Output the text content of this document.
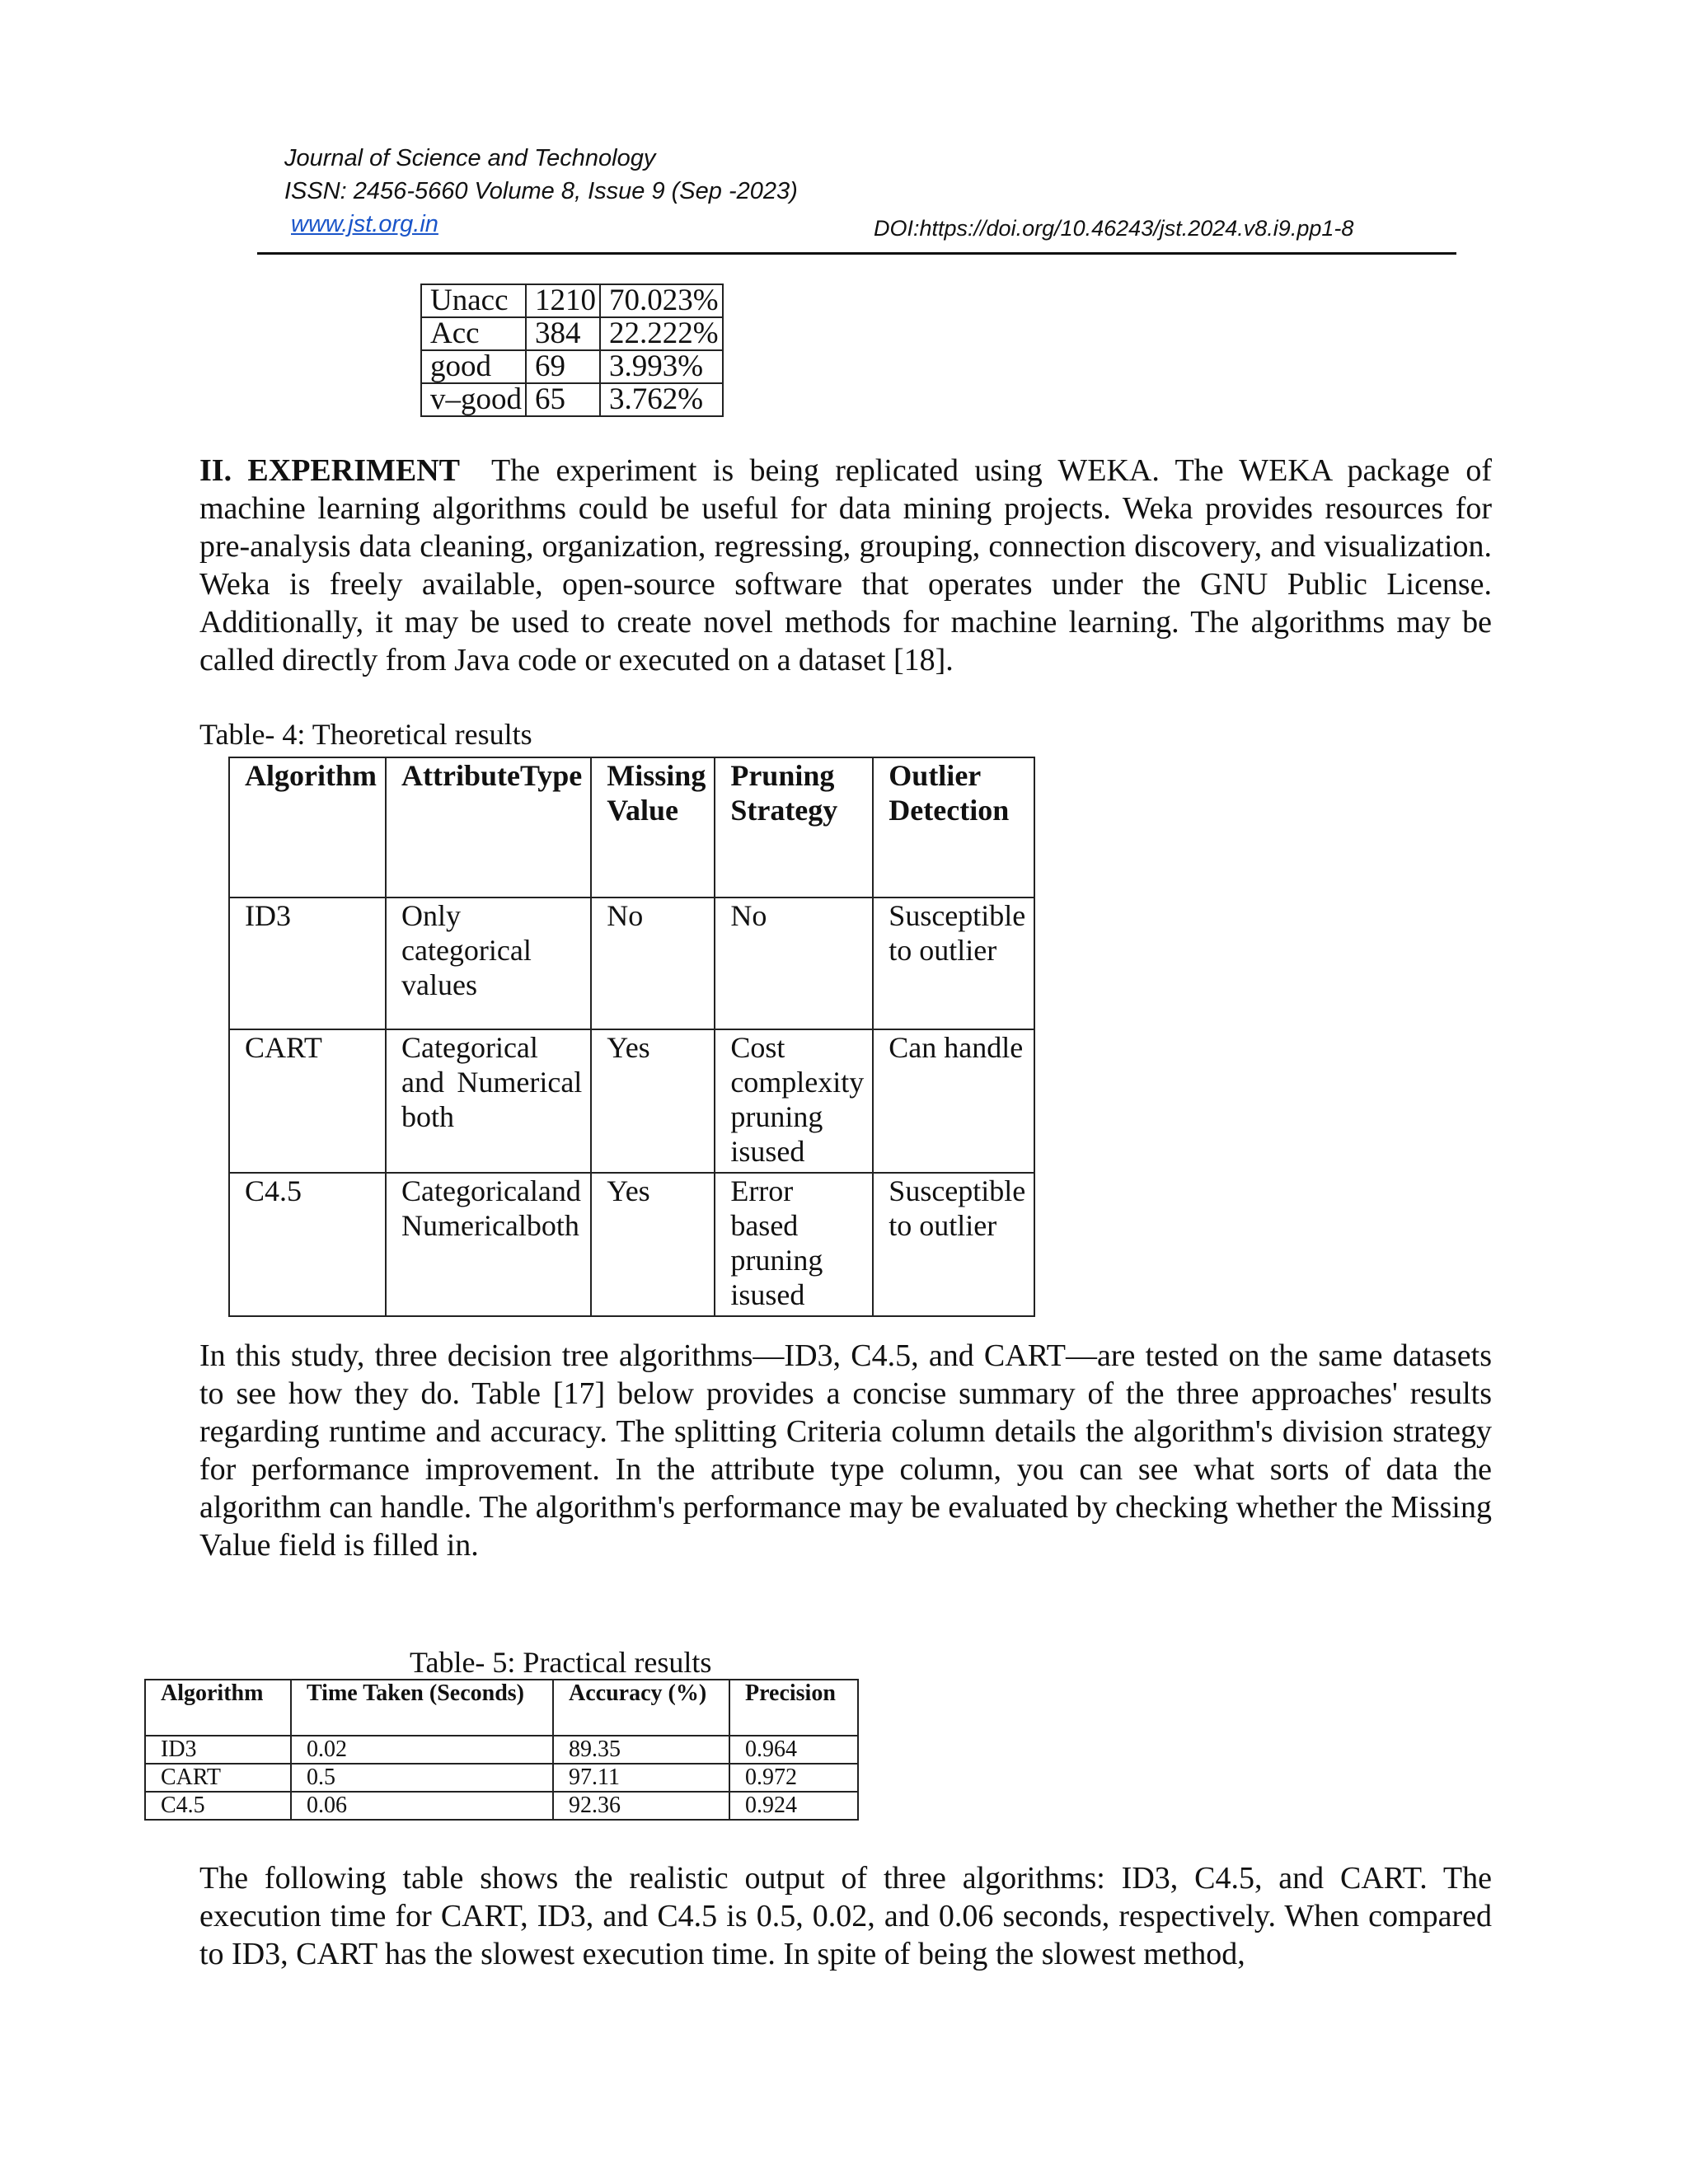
Journal of Science and Technology
ISSN: 2456-5660 Volume 8, Issue 9 (Sep -2023)
www.jst.org.in	DOI:https://doi.org/10.46243/jst.2024.v8.i9.pp1-8
Unacc	1210	70.023%
Acc	384	22.222%
good	69	3.993%
v–good	65	3.762%

II. EXPERIMENT The experiment is being replicated using WEKA. The WEKA package of machine learning algorithms could be useful for data mining projects. Weka provides resources for pre-analysis data cleaning, organization, regressing, grouping, connection discovery, and visualization. Weka is freely available, open-source software that operates under the GNU Public License. Additionally, it may be used to create novel methods for machine learning. The algorithms may be called directly from Java code or executed on a dataset [18].

Table- 4: Theoretical results
Algorithm	AttributeType	Missing Value	Pruning Strategy	Outlier Detection
ID3	Only categorical values	No	No	Susceptible to outlier
CART	Categorical and Numerical both	Yes	Cost complexity pruning isused	Can handle
C4.5	Categoricaland Numericalboth	Yes	Error based pruning isused	Susceptible to outlier

In this study, three decision tree algorithms—ID3, C4.5, and CART—are tested on the same datasets to see how they do. Table [17] below provides a concise summary of the three approaches' results regarding runtime and accuracy. The splitting Criteria column details the algorithm's division strategy for performance improvement. In the attribute type column, you can see what sorts of data the algorithm can handle. The algorithm's performance may be evaluated by checking whether the Missing Value field is filled in.

Table- 5: Practical results
Algorithm	Time Taken (Seconds)	Accuracy (%)	Precision
ID3	0.02	89.35	0.964
CART	0.5	97.11	0.972
C4.5	0.06	92.36	0.924

The following table shows the realistic output of three algorithms: ID3, C4.5, and CART. The execution time for CART, ID3, and C4.5 is 0.5, 0.02, and 0.06 seconds, respectively. When compared to ID3, CART has the slowest execution time. In spite of being the slowest method,
